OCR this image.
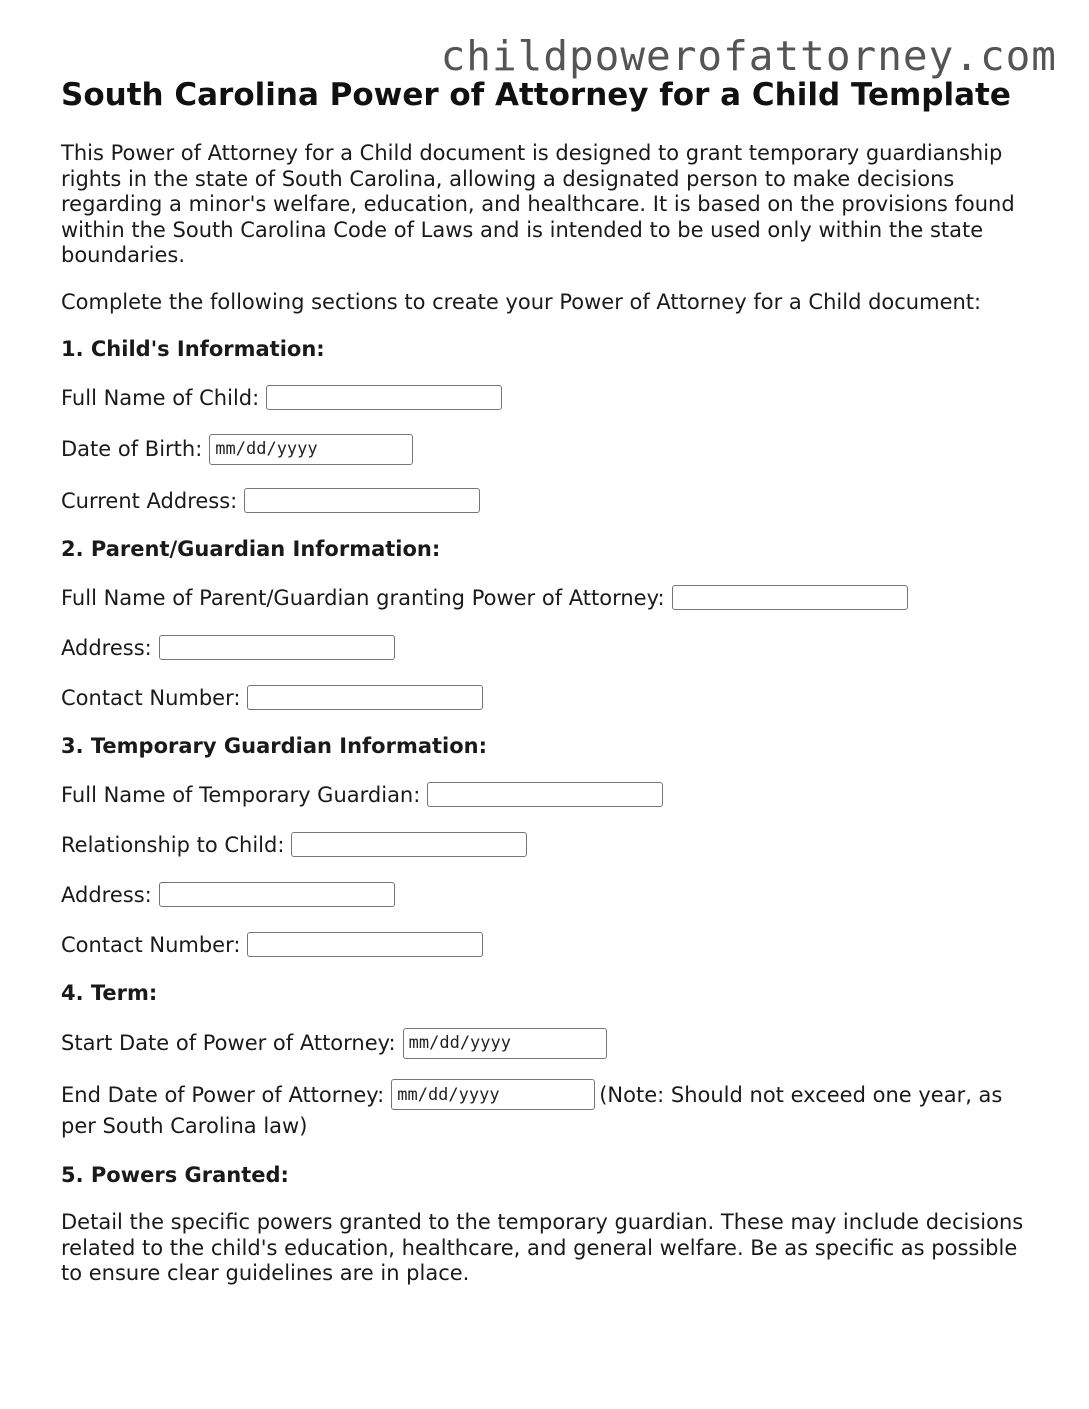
childpowerofattorney.com
South Carolina Power of Attorney for a Child Template

This Power of Attorney for a Child document is designed to grant temporary guardianship rights in the state of South Carolina, allowing a designated person to make decisions regarding a minor's welfare, education, and healthcare. It is based on the provisions found within the South Carolina Code of Laws and is intended to be used only within the state boundaries.

Complete the following sections to create your Power of Attorney for a Child document:

1. Child's Information:
Full Name of Child:
Date of Birth: mm/dd/yyyy
Current Address:
2. Parent/Guardian Information:
Full Name of Parent/Guardian granting Power of Attorney:
Address:
Contact Number:
3. Temporary Guardian Information:
Full Name of Temporary Guardian:
Relationship to Child:
Address:
Contact Number:
4. Term:
Start Date of Power of Attorney: mm/dd/yyyy
End Date of Power of Attorney: mm/dd/yyyy	(Note: Should not exceed one year, as per South Carolina law)
5. Powers Granted:

Detail the specific powers granted to the temporary guardian. These may include decisions related to the child's education, healthcare, and general welfare. Be as specific as possible to ensure clear guidelines are in place.
